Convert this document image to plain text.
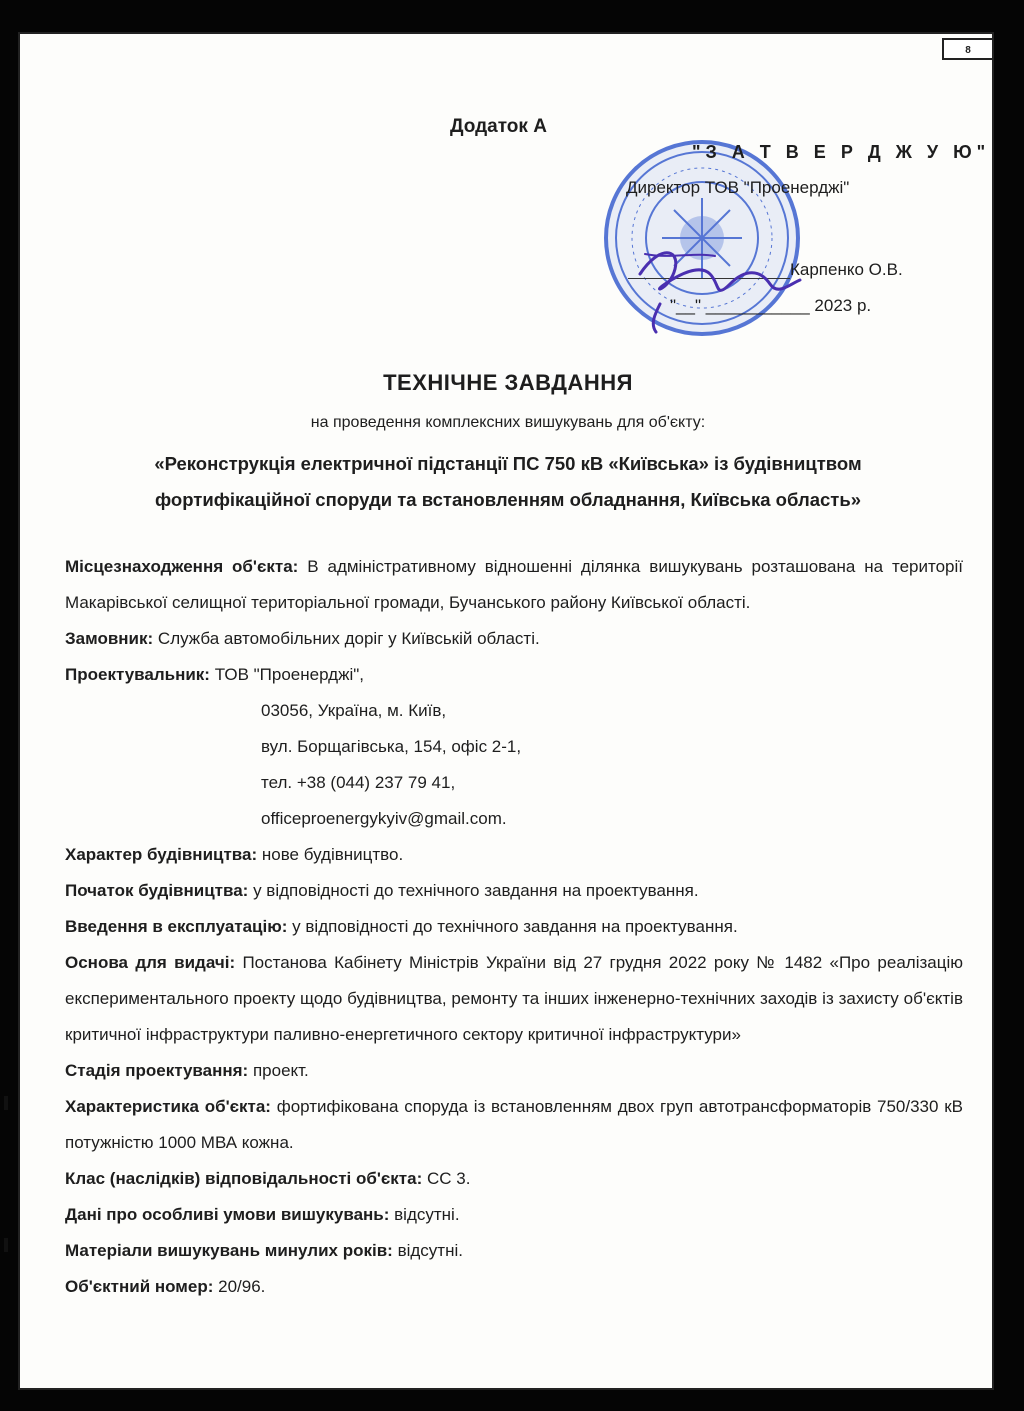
8
Додаток А
"З А Т В Е Р Д Ж У Ю"
Директор ТОВ "Проенерджі"
Карпенко О.В.
"__" ___________ 2023 р.
ТЕХНІЧНЕ ЗАВДАННЯ
на проведення комплексних вишукувань для об'єкту:
«Реконструкція електричної підстанції ПС 750 кВ «Київська» із будівництвом
фортифікаційної споруди та встановленням обладнання, Київська область»

Місцезнаходження об'єкта: В адміністративному відношенні ділянка вишукувань розташована на території Макарівської селищної територіальної громади, Бучанського району Київської області.

Замовник: Служба автомобільних доріг у Київській області.

Проектувальник: ТОВ "Проенерджі",

03056, Україна, м. Київ,

вул. Борщагівська, 154, офіс 2-1,

тел. +38 (044) 237 79 41,

officeproenergykyiv@gmail.com.

Характер будівництва: нове будівництво.

Початок будівництва: у відповідності до технічного завдання на проектування.

Введення в експлуатацію: у відповідності до технічного завдання на проектування.

Основа для видачі: Постанова Кабінету Міністрів України від 27 грудня 2022 року № 1482 «Про реалізацію експериментального проекту щодо будівництва, ремонту та інших інженерно-технічних заходів із захисту об'єктів критичної інфраструктури паливно-енергетичного сектору критичної інфраструктури»

Стадія проектування: проект.

Характеристика об'єкта: фортифікована споруда із встановленням двох груп автотрансформаторів 750/330 кВ потужністю 1000 МВА кожна.

Клас (наслідків) відповідальності об'єкта: СС 3.

Дані про особливі умови вишукувань: відсутні.

Матеріали вишукувань минулих років: відсутні.

Об'єктний номер: 20/96.
